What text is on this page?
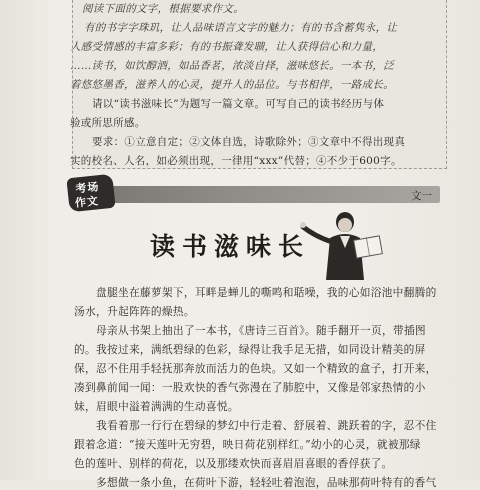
阅读下面的文字，根据要求作文。
有的书字字珠玑，让人品味语言文字的魅力；有的书含蓄隽永，让
人感受情感的丰富多彩；有的书振聋发聩，让人获得信心和力量，
……读书，如饮醇酒，如品香茗，浓淡自择，滋味悠长。一本书，泛
着悠悠墨香，滋养人的心灵，提升人的品位。与书相伴，一路成长。
请以“读书滋味长”为题写一篇文章。可写自己的读书经历与体
验或所思所感。
要求：①立意自定；②文体自选，诗歌除外；③文章中不得出现真
实的校名、人名，如必须出现，一律用“xxx”代替；④不少于600字。
考场
作文	文一
读书滋味长
盘腿坐在藤萝架下，耳畔是蝉儿的嘶鸣和聒噪，我的心如浴池中翻腾的
汤水，升起阵阵的燥热。
母亲从书架上抽出了一本书，《唐诗三百首》。随手翻开一页，带插图
的。我按过来，满纸碧绿的色彩，绿得让我手足无措，如同设计精美的屏
保，忍不住用手轻抚那奔放而活力的色块。又如一个精致的盒子，打开来，
凑到鼻前闻一闻：一股欢快的香气弥漫在了肺腔中，又像是邻家热情的小
妹，眉眼中溢着满满的生动喜悦。
我看着那一行行在碧绿的梦幻中行走着、舒展着、跳跃着的字，忍不住
跟着念道：“接天莲叶无穷碧，映日荷花别样红。”幼小的心灵，就被那绿
色的莲叶、别样的荷花，以及那缕欢快而喜眉眉喜眼的香俘获了。
多想做一条小鱼，在荷叶下游，轻轻吐着泡泡，品味那荷叶特有的香气
